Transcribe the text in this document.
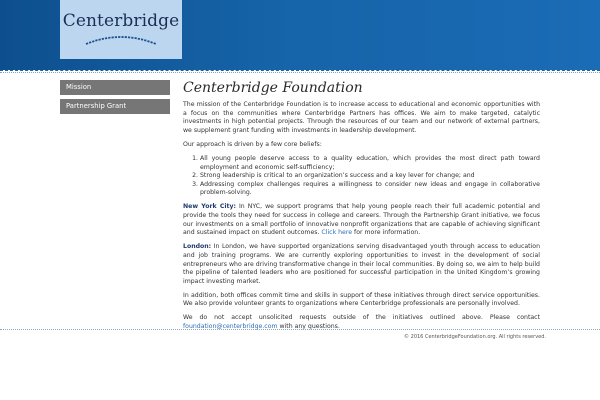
Centerbridge
Mission
Partnership Grant
Centerbridge Foundation

The mission of the Centerbridge Foundation is to increase access to educational and economic opportunities with a focus on the communities where Centerbridge Partners has offices. We aim to make targeted, catalytic investments in high potential projects. Through the resources of our team and our network of external partners, we supplement grant funding with investments in leadership development.

Our approach is driven by a few core beliefs:

1. All young people deserve access to a quality education, which provides the most direct path toward employment and economic self-sufficiency;
2. Strong leadership is critical to an organization’s success and a key lever for change; and
3. Addressing complex challenges requires a willingness to consider new ideas and engage in collaborative problem-solving.

New York City: In NYC, we support programs that help young people reach their full academic potential and provide the tools they need for success in college and careers. Through the Partnership Grant initiative, we focus our investments on a small portfolio of innovative nonprofit organizations that are capable of achieving significant and sustained impact on student outcomes. Click here for more information.

London: In London, we have supported organizations serving disadvantaged youth through access to education and job training programs. We are currently exploring opportunities to invest in the development of social entrepreneurs who are driving transformative change in their local communities. By doing so, we aim to help build the pipeline of talented leaders who are positioned for successful participation in the United Kingdom’s growing impact investing market.

In addition, both offices commit time and skills in support of these initiatives through direct service opportunities. We also provide volunteer grants to organizations where Centerbridge professionals are personally involved.

We do not accept unsolicited requests outside of the initiatives outlined above. Please contact foundation@centerbridge.com with any questions.

© 2016 CenterbridgeFoundation.org. All rights reserved.
